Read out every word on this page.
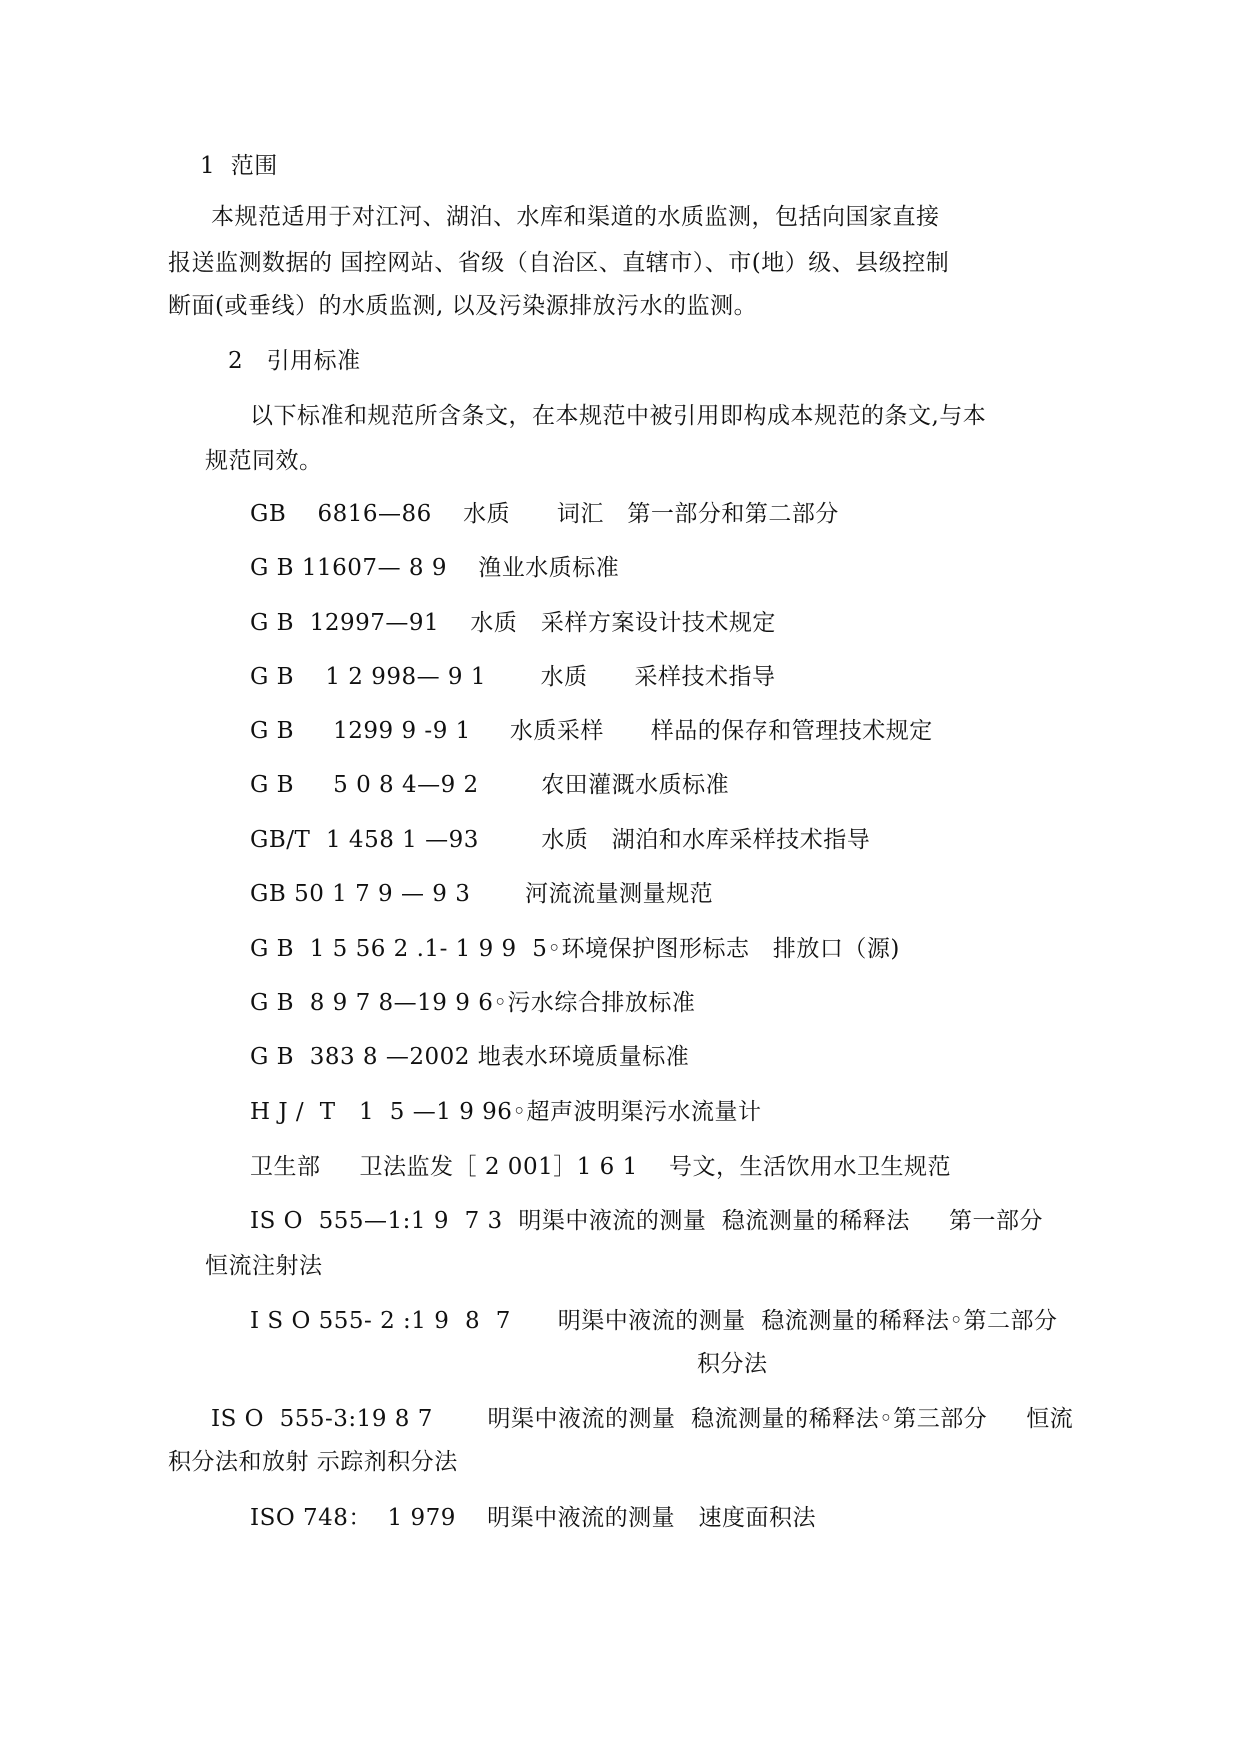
1  范围
本规范适用于对江河、湖泊、水库和渠道的水质监测，包括向国家直接
报送监测数据的 国控网站、省级（自治区、直辖市）、市(地）级、县级控制
断面(或垂线）的水质监测, 以及污染源排放污水的监测。
2   引用标准
以下标准和规范所含条文，在本规范中被引用即构成本规范的条文,与本
规范同效。
GB    6816—86    水质      词汇   第一部分和第二部分
G B 11607— 8 9    渔业水质标准
G B  12997—91    水质   采样方案设计技术规定
G B    1 2 998— 9 1       水质      采样技术指导
G B     1299 9 -9 1     水质采样      样品的保存和管理技术规定
G B     5 0 8 4—9 2        农田灌溉水质标准
GB/T  1 458 1 —93        水质   湖泊和水库采样技术指导
GB 50 1 7 9 — 9 3       河流流量测量规范
G B  1 5 56 2 .1- 1 9 9  5◦环境保护图形标志   排放口（源)
G B  8 9 7 8—19 9 6◦污水综合排放标准
G B  383 8 —2002 地表水环境质量标准
H J /  T   1  5 —1 9 96◦超声波明渠污水流量计
卫生部     卫法监发［ 2 001］1 6 1    号文，生活饮用水卫生规范
IS O  555—1:1 9  7 3  明渠中液流的测量  稳流测量的稀释法     第一部分
恒流注射法
I S O 555- 2 :1 9  8  7      明渠中液流的测量  稳流测量的稀释法◦第二部分
积分法
IS O  555-3:19 8 7       明渠中液流的测量  稳流测量的稀释法◦第三部分     恒流
积分法和放射 示踪剂积分法
ISO 748：  1 979    明渠中液流的测量   速度面积法
